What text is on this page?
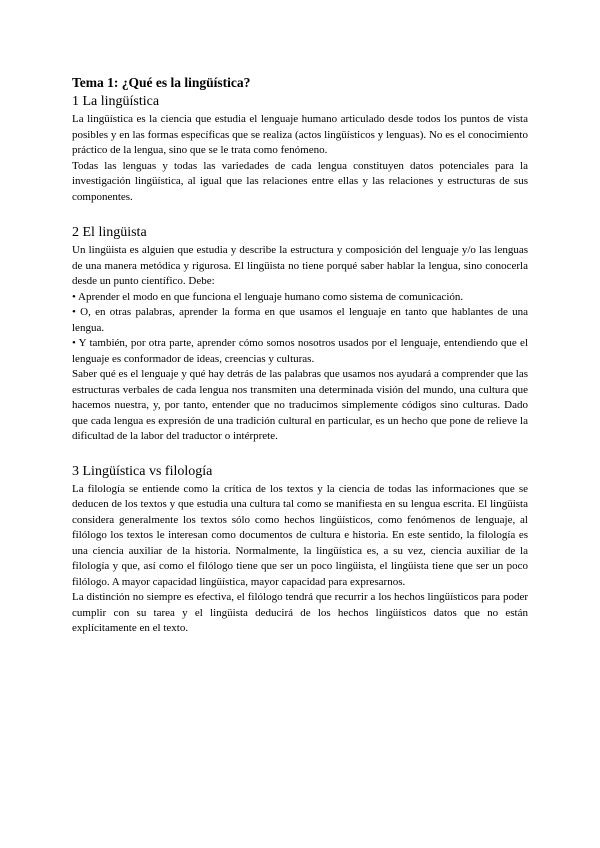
Tema 1: ¿Qué es la lingüística?
1 La lingüística

La lingüística es la ciencia que estudia el lenguaje humano articulado desde todos los puntos de vista posibles y en las formas específicas que se realiza (actos lingüísticos y lenguas). No es el conocimiento práctico de la lengua, sino que se le trata como fenómeno.

Todas las lenguas y todas las variedades de cada lengua constituyen datos potenciales para la investigación lingüística, al igual que las relaciones entre ellas y las relaciones y estructuras de sus componentes.

2 El lingüista

Un lingüista es alguien que estudia y describe la estructura y composición del lenguaje y/o las lenguas de una manera metódica y rigurosa. El lingüista no tiene porqué saber hablar la lengua, sino conocerla desde un punto científico. Debe:

• Aprender el modo en que funciona el lenguaje humano como sistema de comunicación.

• O, en otras palabras, aprender la forma en que usamos el lenguaje en tanto que hablantes de una lengua.

• Y también, por otra parte, aprender cómo somos nosotros usados por el lenguaje, entendiendo que el lenguaje es conformador de ideas, creencias y culturas.

Saber qué es el lenguaje y qué hay detrás de las palabras que usamos nos ayudará a comprender que las estructuras verbales de cada lengua nos transmiten una determinada visión del mundo, una cultura que hacemos nuestra, y, por tanto, entender que no traducimos simplemente códigos sino culturas. Dado que cada lengua es expresión de una tradición cultural en particular, es un hecho que pone de relieve la dificultad de la labor del traductor o intérprete.

3 Lingüística vs filología

La filología se entiende como la crítica de los textos y la ciencia de todas las informaciones que se deducen de los textos y que estudia una cultura tal como se manifiesta en su lengua escrita. El lingüista considera generalmente los textos sólo como hechos lingüísticos, como fenómenos de lenguaje, al filólogo los textos le interesan como documentos de cultura e historia. En este sentido, la filología es una ciencia auxiliar de la historia. Normalmente, la lingüística es, a su vez, ciencia auxiliar de la filología y que, así como el filólogo tiene que ser un poco lingüista, el lingüista tiene que ser un poco filólogo. A mayor capacidad lingüística, mayor capacidad para expresarnos.

La distinción no siempre es efectiva, el filólogo tendrá que recurrir a los hechos lingüísticos para poder cumplir con su tarea y el lingüista deducirá de los hechos lingüísticos datos que no están explícitamente en el texto.
